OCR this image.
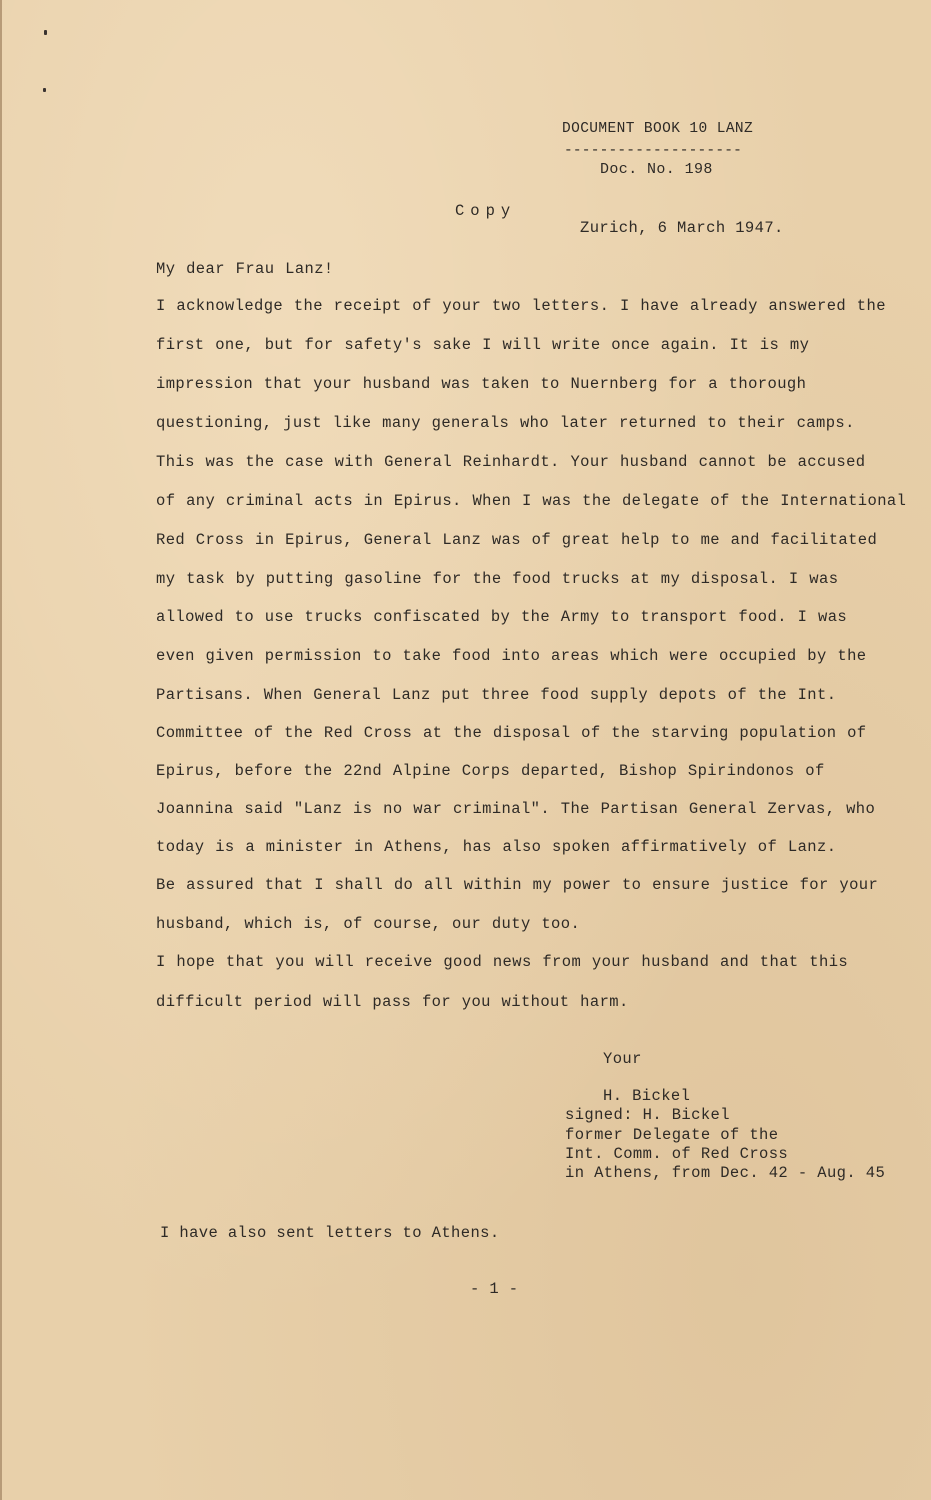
DOCUMENT BOOK 10 LANZ
--------------------
Doc. No. 198
Copy
Zurich, 6 March 1947.
My dear Frau Lanz!
I acknowledge the receipt of your two letters. I have already answered the
first one, but for safety's sake I will write once again. It is my
impression that your husband was taken to Nuernberg for a thorough
questioning, just like many generals who later returned to their camps.
This was the case with General Reinhardt. Your husband cannot be accused
of any criminal acts in Epirus. When I was the delegate of the International
Red Cross in Epirus, General Lanz was of great help to me and facilitated
my task by putting gasoline for the food trucks at my disposal. I was
allowed to use trucks confiscated by the Army to transport food. I was
even given permission to take food into areas which were occupied by the
Partisans. When General Lanz put three food supply depots of the Int.
Committee of the Red Cross at the disposal of the starving population of
Epirus, before the 22nd Alpine Corps departed, Bishop Spirindonos of
Joannina said "Lanz is no war criminal". The Partisan General Zervas, who
today is a minister in Athens, has also spoken affirmatively of Lanz.
Be assured that I shall do all within my power to ensure justice for your
husband, which is, of course, our duty too.
I hope that you will receive good news from your husband and that this
difficult period will pass for you without harm.
Your
H. Bickel
signed: H. Bickel
former Delegate of the
Int. Comm. of Red Cross
in Athens, from Dec. 42 - Aug. 45
I have also sent letters to Athens.
- 1 -
